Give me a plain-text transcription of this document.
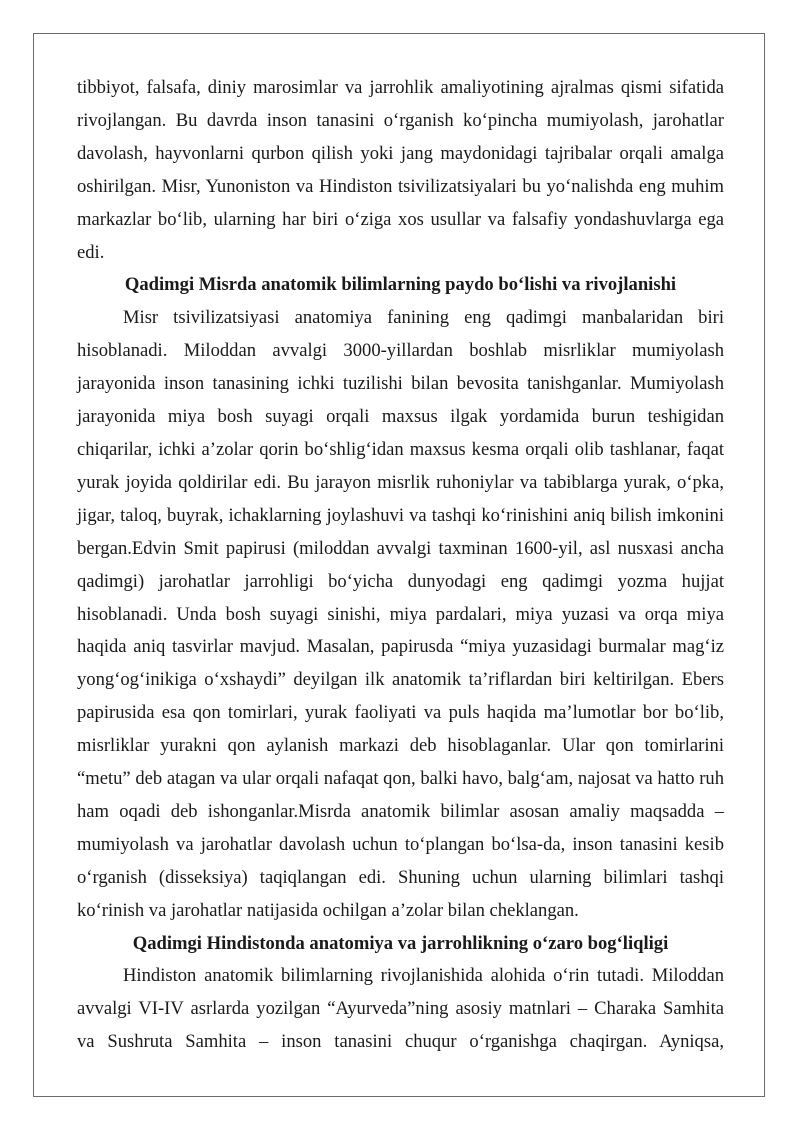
tibbiyot, falsafa, diniy marosimlar va jarrohlik amaliyotining ajralmas qismi sifatida rivojlangan. Bu davrda inson tanasini o‘rganish ko‘pincha mumiyolash, jarohatlar davolash, hayvonlarni qurbon qilish yoki jang maydonidagi tajribalar orqali amalga oshirilgan. Misr, Yunoniston va Hindiston tsivilizatsiyalari bu yo‘nalishda eng muhim markazlar bo‘lib, ularning har biri o‘ziga xos usullar va falsafiy yondashuvlarga ega edi.

Qadimgi Misrda anatomik bilimlarning paydo bo‘lishi va rivojlanishi

Misr tsivilizatsiyasi anatomiya fanining eng qadimgi manbalaridan biri hisoblanadi. Miloddan avvalgi 3000-yillardan boshlab misrliklar mumiyolash jarayonida inson tanasining ichki tuzilishi bilan bevosita tanishganlar. Mumiyolash jarayonida miya bosh suyagi orqali maxsus ilgak yordamida burun teshigidan chiqarilar, ichki a’zolar qorin bo‘shlig‘idan maxsus kesma orqali olib tashlanar, faqat yurak joyida qoldirilar edi. Bu jarayon misrlik ruhoniylar va tabiblarga yurak, o‘pka, jigar, taloq, buyrak, ichaklarning joylashuvi va tashqi ko‘rinishini aniq bilish imkonini bergan.Edvin Smit papirusi (miloddan avvalgi taxminan 1600-yil, asl nusxasi ancha qadimgi) jarohatlar jarrohligi bo‘yicha dunyodagi eng qadimgi yozma hujjat hisoblanadi. Unda bosh suyagi sinishi, miya pardalari, miya yuzasi va orqa miya haqida aniq tasvirlar mavjud. Masalan, papirusda “miya yuzasidagi burmalar mag‘iz yong‘og‘inikiga o‘xshaydi” deyilgan ilk anatomik ta’riflardan biri keltirilgan. Ebers papirusida esa qon tomirlari, yurak faoliyati va puls haqida ma’lumotlar bor bo‘lib, misrliklar yurakni qon aylanish markazi deb hisoblaganlar. Ular qon tomirlarini “metu” deb atagan va ular orqali nafaqat qon, balki havo, balg‘am, najosat va hatto ruh ham oqadi deb ishonganlar.Misrda anatomik bilimlar asosan amaliy maqsadda – mumiyolash va jarohatlar davolash uchun to‘plangan bo‘lsa-da, inson tanasini kesib o‘rganish (disseksiya) taqiqlangan edi. Shuning uchun ularning bilimlari tashqi ko‘rinish va jarohatlar natijasida ochilgan a’zolar bilan cheklangan.

Qadimgi Hindistonda anatomiya va jarrohlikning o‘zaro bog‘liqligi

Hindiston anatomik bilimlarning rivojlanishida alohida o‘rin tutadi. Miloddan avvalgi VI-IV asrlarda yozilgan “Ayurveda”ning asosiy matnlari – Charaka Samhita va Sushruta Samhita – inson tanasini chuqur o‘rganishga chaqirgan. Ayniqsa,
